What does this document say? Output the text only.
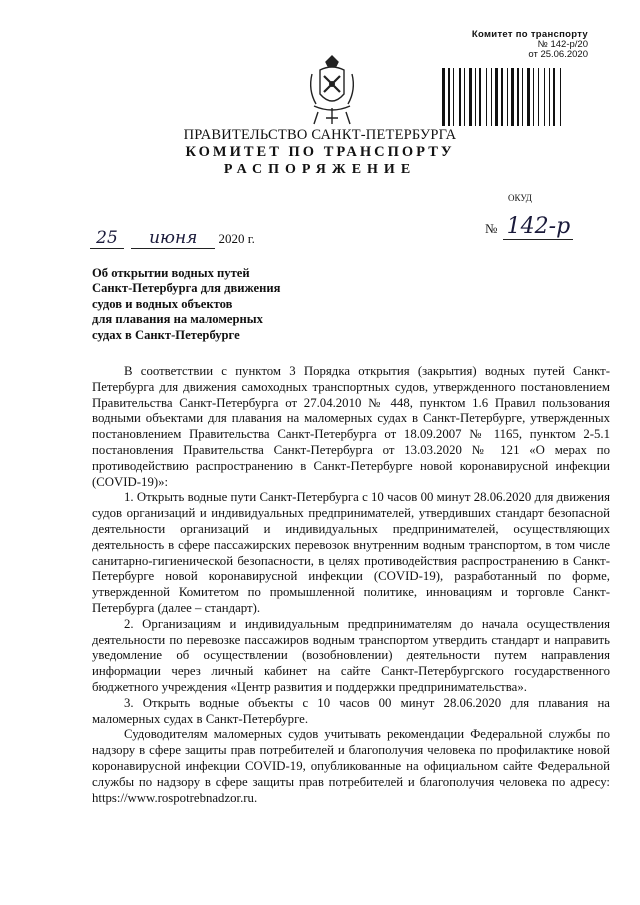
Комитет по транспорту
№ 142-р/20
от 25.06.2020
ПРАВИТЕЛЬСТВО САНКТ-ПЕТЕРБУРГА
КОМИТЕТ ПО ТРАНСПОРТУ
РАСПОРЯЖЕНИЕ
ОКУД
25 июня 2020 г.
№ 142-р
Об открытии водных путей
Санкт-Петербурга для движения
судов и водных объектов
для плавания на маломерных
судах в Санкт-Петербурге

В соответствии с пунктом 3 Порядка открытия (закрытия) водных путей Санкт-Петербурга для движения самоходных транспортных судов, утвержденного постановлением Правительства Санкт-Петербурга от 27.04.2010 № 448, пунктом 1.6 Правил пользования водными объектами для плавания на маломерных судах в Санкт-Петербурге, утвержденных постановлением Правительства Санкт-Петербурга от 18.09.2007 № 1165, пунктом 2-5.1 постановления Правительства Санкт-Петербурга от 13.03.2020 № 121 «О мерах по противодействию распространению в Санкт-Петербурге новой коронавирусной инфекции (COVID-19)»:

1. Открыть водные пути Санкт-Петербурга с 10 часов 00 минут 28.06.2020 для движения судов организаций и индивидуальных предпринимателей, утвердивших стандарт безопасной деятельности организаций и индивидуальных предпринимателей, осуществляющих деятельность в сфере пассажирских перевозок внутренним водным транспортом, в том числе санитарно-гигиенической безопасности, в целях противодействия распространению в Санкт-Петербурге новой коронавирусной инфекции (COVID-19), разработанный по форме, утвержденной Комитетом по промышленной политике, инновациям и торговле Санкт-Петербурга (далее – стандарт).

2. Организациям и индивидуальным предпринимателям до начала осуществления деятельности по перевозке пассажиров водным транспортом утвердить стандарт и направить уведомление об осуществлении (возобновлении) деятельности путем направления информации через личный кабинет на сайте Санкт-Петербургского государственного бюджетного учреждения «Центр развития и поддержки предпринимательства».

3. Открыть водные объекты с 10 часов 00 минут 28.06.2020 для плавания на маломерных судах в Санкт-Петербурге.

Судоводителям маломерных судов учитывать рекомендации Федеральной службы по надзору в сфере защиты прав потребителей и благополучия человека по профилактике новой коронавирусной инфекции COVID-19, опубликованные на официальном сайте Федеральной службы по надзору в сфере защиты прав потребителей и благополучия человека по адресу: https://www.rospotrebnadzor.ru.
